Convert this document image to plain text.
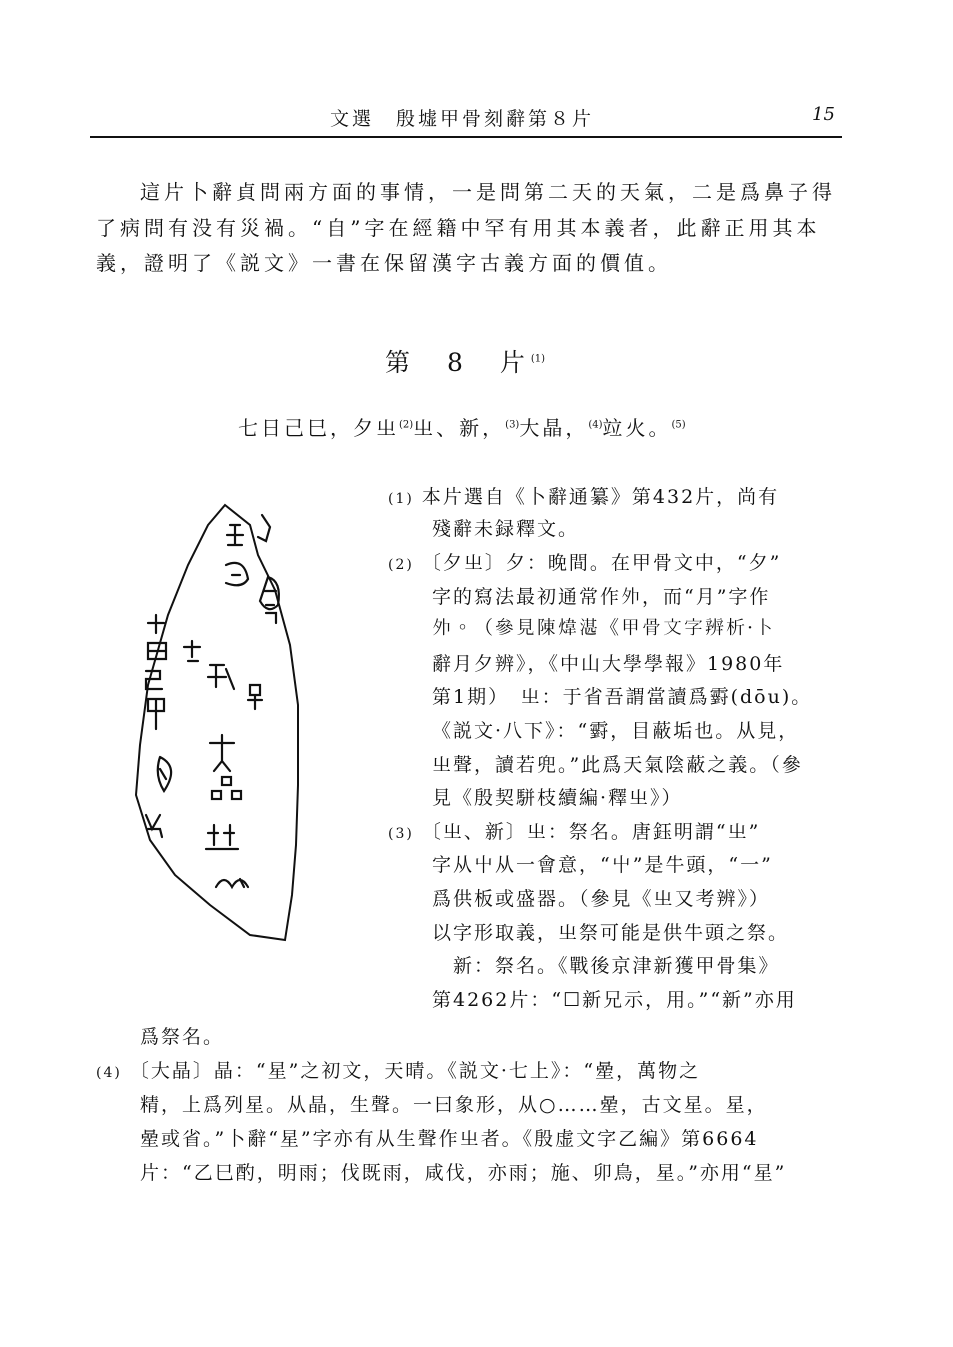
文選　殷墟甲骨刻辭第８片	15
這片卜辭貞問兩方面的事情，一是問第二天的天氣，二是爲鼻子得
了病問有没有災禍。“自”字在經籍中罕有用其本義者，此辭正用其本
義，證明了《説文》一書在保留漢字古義方面的價值。
第　8　片$^{(1)}$
七日己巳，夕㞢$^{(2)}$㞢、新，$^{(3)}$大晶，$^{(4)}$竝火。$^{(5)}$
(1) 本片選自《卜辭通纂》第432片，尚有
殘辭未録釋文。
(2) 〔夕㞢〕夕：晚間。在甲骨文中，“夕”
字的寫法最初通常作𡖄，而“月”字作
𡖄。（參見陳煒湛《甲骨文字辨析·卜
辭月夕辨》，《中山大學學報》1980年
第1期）　㞢：于省吾謂當讀爲䨴(dōu)。
《説文·八下》：“䨴，目蔽垢也。从見，
㞢聲，讀若兜。”此爲天氣陰蔽之義。（參
見《殷契駢枝續編·釋㞢》）
(3) 〔㞢、新〕㞢：祭名。唐鈺明謂“㞢”
字从屮从一會意，“屮”是牛頭，“一”
爲供板或盛器。（參見《㞢又考辨》）
以字形取義，㞢祭可能是供牛頭之祭。
　新：祭名。《戰後京津新獲甲骨集》
第4262片：“☐新兄示，用。”“新”亦用
爲祭名。
(4) 〔大晶〕晶：“星”之初文，天晴。《説文·七上》：“曐，萬物之
精，上爲列星。从晶，生聲。一曰象形，从○……曐，古文星。星，
曐或省。”卜辭“星”字亦有从生聲作㞢者。《殷虚文字乙編》第6664
片：“乙巳酌，明雨；伐既雨，咸伐，亦雨；施、卯鳥，星。”亦用“星”
